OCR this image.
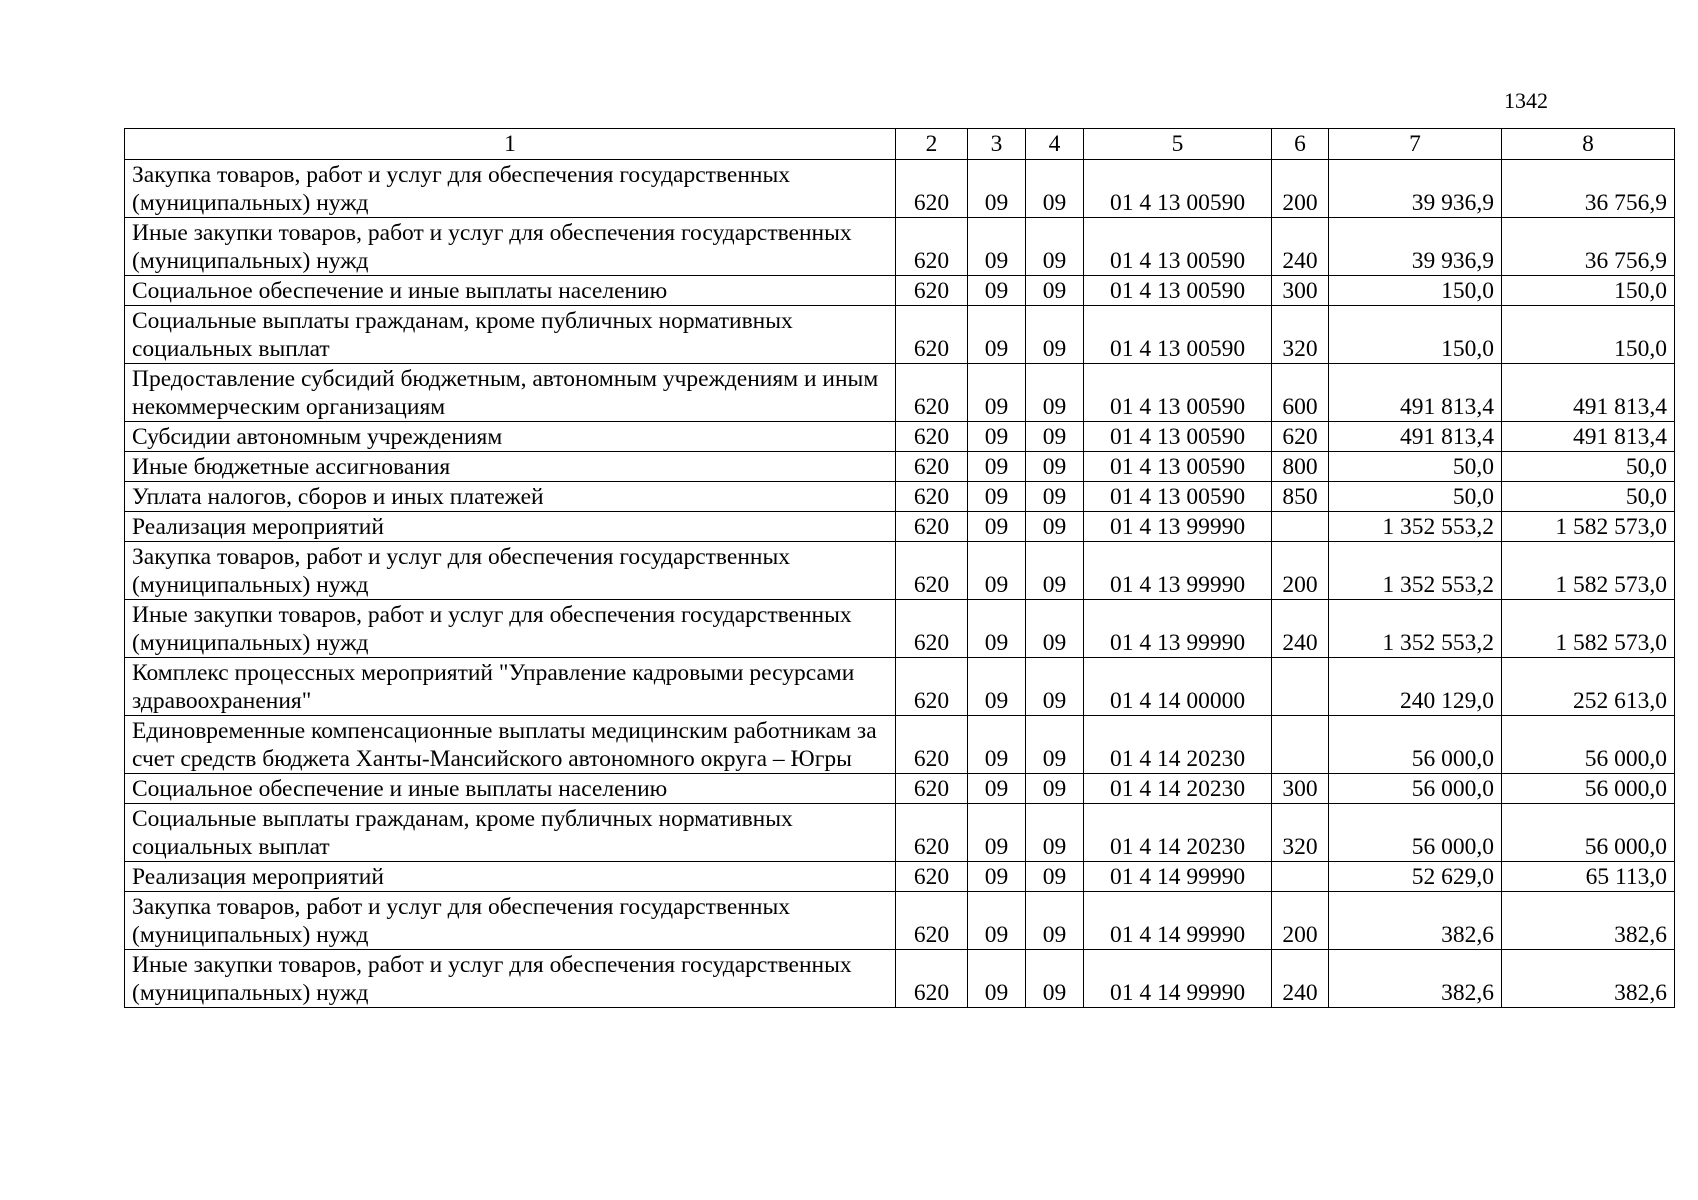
1342
1	2	3	4	5	6	7	8
Закупка товаров, работ и услуг для обеспечения государственных (муниципальных) нужд	620	09	09	01 4 13 00590	200	39 936,9	36 756,9
Иные закупки товаров, работ и услуг для обеспечения государственных (муниципальных) нужд	620	09	09	01 4 13 00590	240	39 936,9	36 756,9
Социальное обеспечение и иные выплаты населению	620	09	09	01 4 13 00590	300	150,0	150,0
Социальные выплаты гражданам, кроме публичных нормативных социальных выплат	620	09	09	01 4 13 00590	320	150,0	150,0
Предоставление субсидий бюджетным, автономным учреждениям и иным некоммерческим организациям	620	09	09	01 4 13 00590	600	491 813,4	491 813,4
Субсидии автономным учреждениям	620	09	09	01 4 13 00590	620	491 813,4	491 813,4
Иные бюджетные ассигнования	620	09	09	01 4 13 00590	800	50,0	50,0
Уплата налогов, сборов и иных платежей	620	09	09	01 4 13 00590	850	50,0	50,0
Реализация мероприятий	620	09	09	01 4 13 99990		1 352 553,2	1 582 573,0
Закупка товаров, работ и услуг для обеспечения государственных (муниципальных) нужд	620	09	09	01 4 13 99990	200	1 352 553,2	1 582 573,0
Иные закупки товаров, работ и услуг для обеспечения государственных (муниципальных) нужд	620	09	09	01 4 13 99990	240	1 352 553,2	1 582 573,0
Комплекс процессных мероприятий "Управление кадровыми ресурсами здравоохранения"	620	09	09	01 4 14 00000		240 129,0	252 613,0
Единовременные компенсационные выплаты медицинским работникам за счет средств бюджета Ханты-Мансийского автономного округа – Югры	620	09	09	01 4 14 20230		56 000,0	56 000,0
Социальное обеспечение и иные выплаты населению	620	09	09	01 4 14 20230	300	56 000,0	56 000,0
Социальные выплаты гражданам, кроме публичных нормативных социальных выплат	620	09	09	01 4 14 20230	320	56 000,0	56 000,0
Реализация мероприятий	620	09	09	01 4 14 99990		52 629,0	65 113,0
Закупка товаров, работ и услуг для обеспечения государственных (муниципальных) нужд	620	09	09	01 4 14 99990	200	382,6	382,6
Иные закупки товаров, работ и услуг для обеспечения государственных (муниципальных) нужд	620	09	09	01 4 14 99990	240	382,6	382,6
